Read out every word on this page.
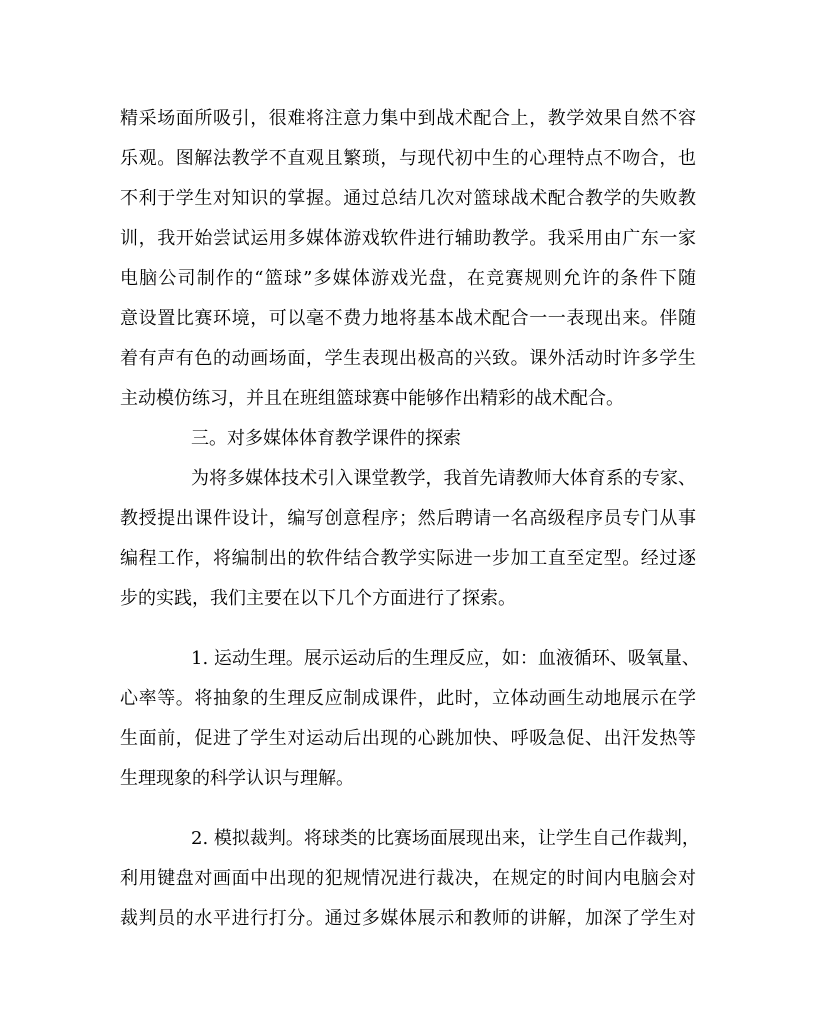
精采场面所吸引，很难将注意力集中到战术配合上，教学效果自然不容
乐观。图解法教学不直观且繁琐，与现代初中生的心理特点不吻合，也
不利于学生对知识的掌握。通过总结几次对篮球战术配合教学的失败教
训，我开始尝试运用多媒体游戏软件进行辅助教学。我采用由广东一家
电脑公司制作的“篮球”多媒体游戏光盘，在竞赛规则允许的条件下随
意设置比赛环境，可以毫不费力地将基本战术配合一一表现出来。伴随
着有声有色的动画场面，学生表现出极高的兴致。课外活动时许多学生
主动模仿练习，并且在班组篮球赛中能够作出精彩的战术配合。
三。对多媒体体育教学课件的探索
为将多媒体技术引入课堂教学，我首先请教师大体育系的专家、
教授提出课件设计，编写创意程序；然后聘请一名高级程序员专门从事
编程工作，将编制出的软件结合教学实际进一步加工直至定型。经过逐
步的实践，我们主要在以下几个方面进行了探索。
1. 运动生理。展示运动后的生理反应，如：血液循环、吸氧量、
心率等。将抽象的生理反应制成课件，此时，立体动画生动地展示在学
生面前，促进了学生对运动后出现的心跳加快、呼吸急促、出汗发热等
生理现象的科学认识与理解。
2. 模拟裁判。将球类的比赛场面展现出来，让学生自己作裁判，
利用键盘对画面中出现的犯规情况进行裁决，在规定的时间内电脑会对
裁判员的水平进行打分。通过多媒体展示和教师的讲解，加深了学生对
